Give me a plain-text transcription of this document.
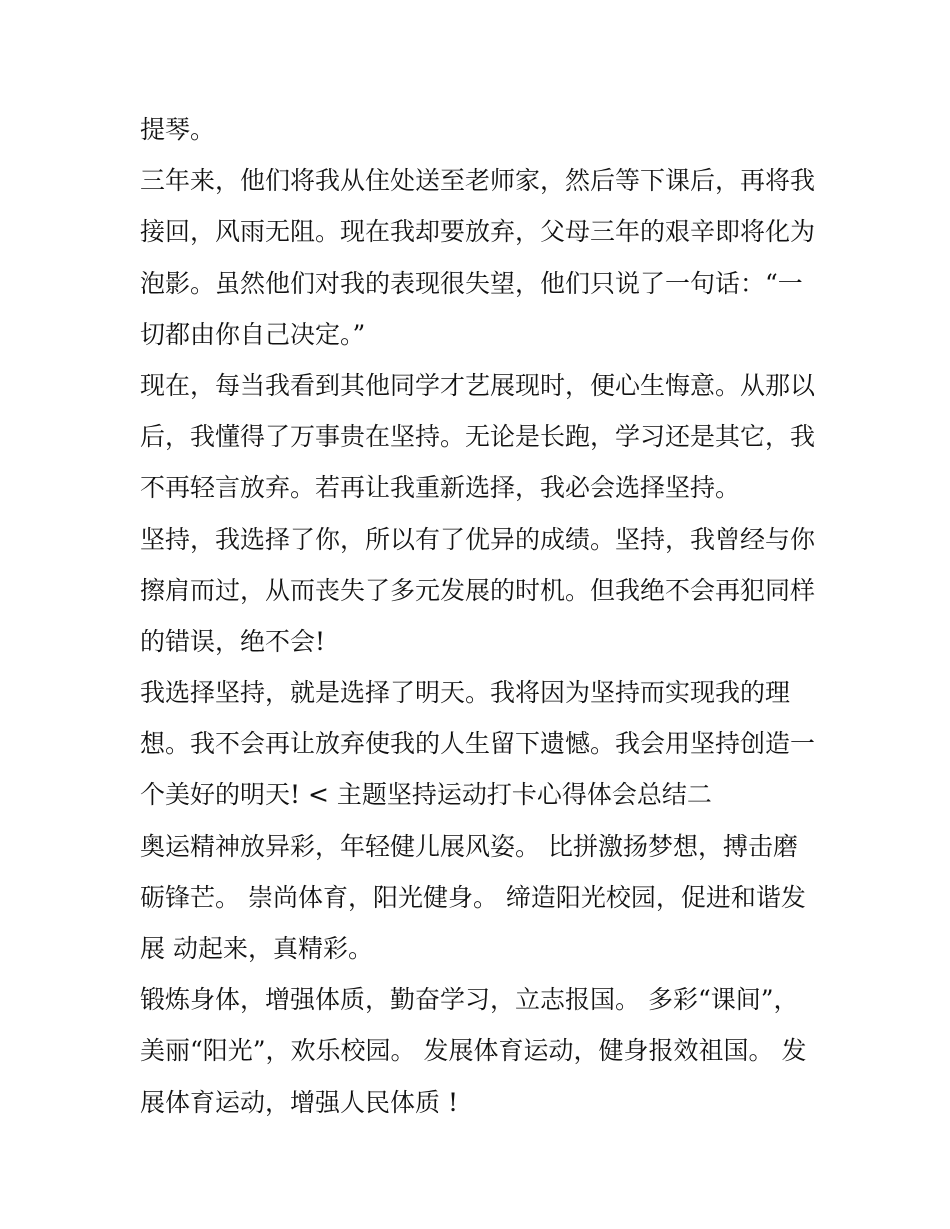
提琴。
三年来，他们将我从住处送至老师家，然后等下课后，再将我
接回，风雨无阻。现在我却要放弃，父母三年的艰辛即将化为
泡影。虽然他们对我的表现很失望，他们只说了一句话：“一
切都由你自己决定。”
现在，每当我看到其他同学才艺展现时，便心生悔意。从那以
后，我懂得了万事贵在坚持。无论是长跑，学习还是其它，我
不再轻言放弃。若再让我重新选择，我必会选择坚持。
坚持，我选择了你，所以有了优异的成绩。坚持，我曾经与你
擦肩而过，从而丧失了多元发展的时机。但我绝不会再犯同样
的错误，绝不会!
我选择坚持，就是选择了明天。我将因为坚持而实现我的理
想。我不会再让放弃使我的人生留下遗憾。我会用坚持创造一
个美好的明天! < 主题坚持运动打卡心得体会总结二
奥运精神放异彩，年轻健儿展风姿。 比拼激扬梦想，搏击磨
砺锋芒。 崇尚体育，阳光健身。 缔造阳光校园，促进和谐发
展 动起来，真精彩。
锻炼身体，增强体质，勤奋学习，立志报国。 多彩“课间”，
美丽“阳光”，欢乐校园。 发展体育运动，健身报效祖国。 发
展体育运动，增强人民体质 !
